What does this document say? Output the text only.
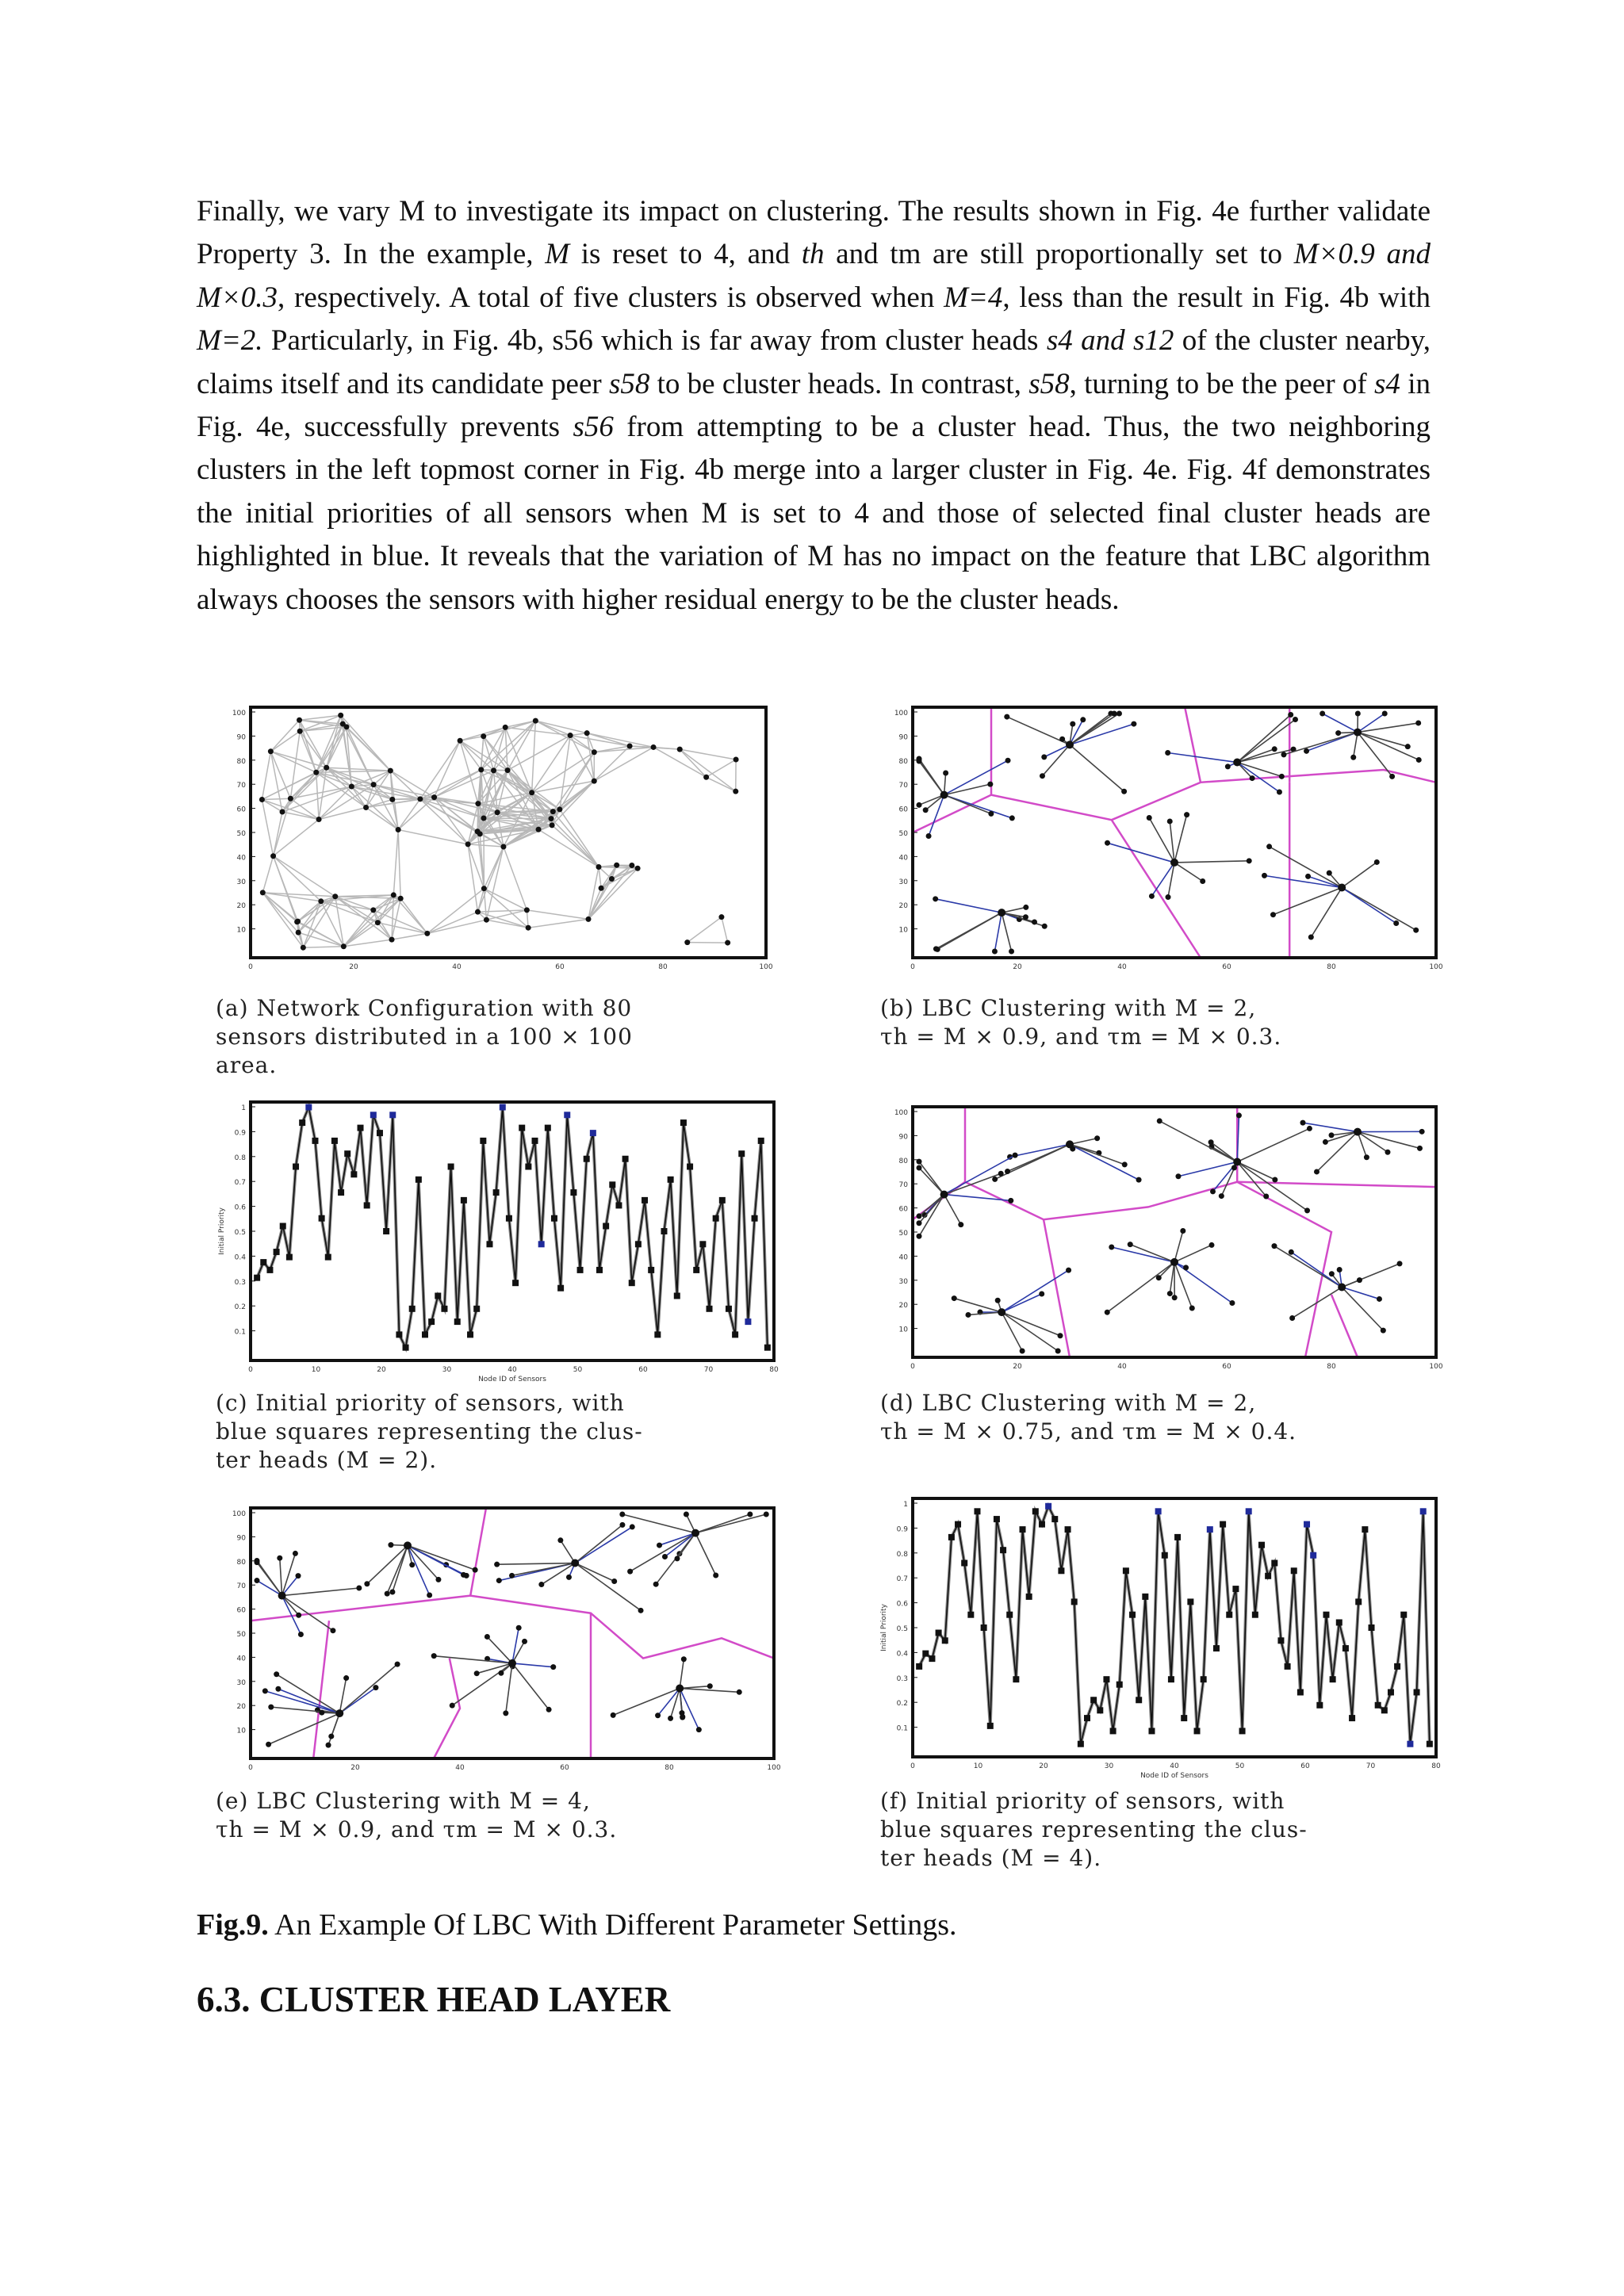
Finally, we vary M to investigate its impact on clustering. The results shown in Fig. 4e further validate Property 3. In the example, M is reset to 4, and th and tm are still proportionally set to M×0.9 and M×0.3, respectively. A total of five clusters is observed when M=4, less than the result in Fig. 4b with M=2. Particularly, in Fig. 4b, s56 which is far away from cluster heads s4 and s12 of the cluster nearby, claims itself and its candidate peer s58 to be cluster heads. In contrast, s58, turning to be the peer of s4 in Fig. 4e, successfully prevents s56 from attempting to be a cluster head. Thus, the two neighboring clusters in the left topmost corner in Fig. 4b merge into a larger cluster in Fig. 4e. Fig. 4f demonstrates the initial priorities of all sensors when M is set to 4 and those of selected final cluster heads are highlighted in blue. It reveals that the variation of M has no impact on the feature that LBC algorithm always chooses the sensors with higher residual energy to be the cluster heads.
100
90
80
70
60
50
40
30
20
10
0	20	40	60	80	100
(a) Network Configuration with 80
sensors distributed in a 100 × 100
area.
100
90
80
70
60
50
40
30
20
10
0	20	40	60	80	100
(b) LBC Clustering with M = 2,
τh = M × 0.9, and τm = M × 0.3.
1
0.9
0.8
0.7
0.6
0.5
0.4
0.3
0.2
0.1
0	10	20	30	40	50	60	70	80
Node ID of Sensors
Initial Priority
(c) Initial priority of sensors, with
blue squares representing the clus-
ter heads (M = 2).
100
90
80
70
60
50
40
30
20
10
0	20	40	60	80	100
(d) LBC Clustering with M = 2,
τh = M × 0.75, and τm = M × 0.4.
100
90
80
70
60
50
40
30
20
10
0	20	40	60	80	100
(e) LBC Clustering with M = 4,
τh = M × 0.9, and τm = M × 0.3.
1
0.9
0.8
0.7
0.6
0.5
0.4
0.3
0.2
0.1
0	10	20	30	40	50	60	70	80
Node ID of Sensors
Initial Priority
(f) Initial priority of sensors, with
blue squares representing the clus-
ter heads (M = 4).
Fig.9. An Example Of LBC With Different Parameter Settings.
6.3. CLUSTER HEAD LAYER
